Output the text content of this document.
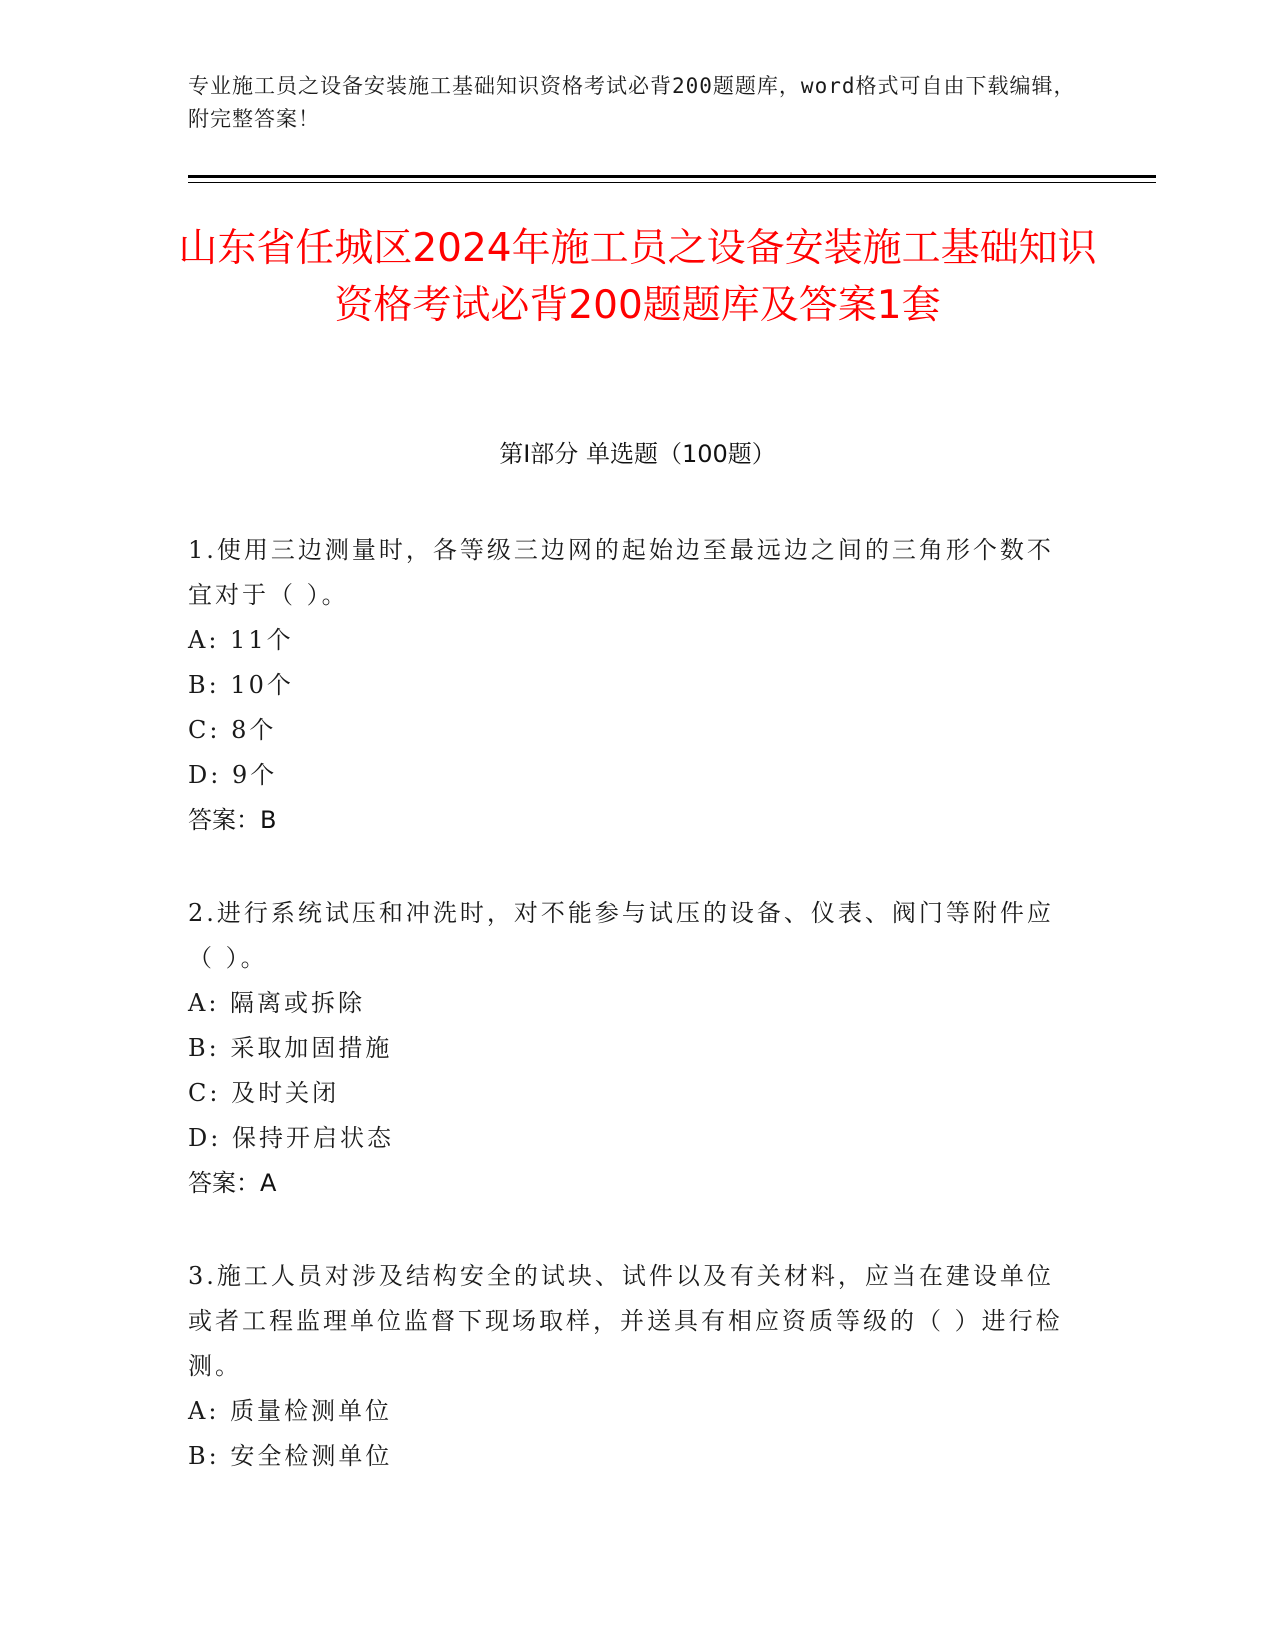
专业施工员之设备安装施工基础知识资格考试必背200题题库，word格式可自由下载编辑，附完整答案！
山东省任城区2024年施工员之设备安装施工基础知识资格考试必背200题题库及答案1套
第I部分 单选题（100题）
1.使用三边测量时，各等级三边网的起始边至最远边之间的三角形个数不宜对于（ ）。
A: 11个
B: 10个
C: 8个
D: 9个
答案：B
2.进行系统试压和冲洗时，对不能参与试压的设备、仪表、阀门等附件应（ ）。
A: 隔离或拆除
B: 采取加固措施
C: 及时关闭
D: 保持开启状态
答案：A
3.施工人员对涉及结构安全的试块、试件以及有关材料，应当在建设单位或者工程监理单位监督下现场取样，并送具有相应资质等级的（ ）进行检测。
A: 质量检测单位
B: 安全检测单位
